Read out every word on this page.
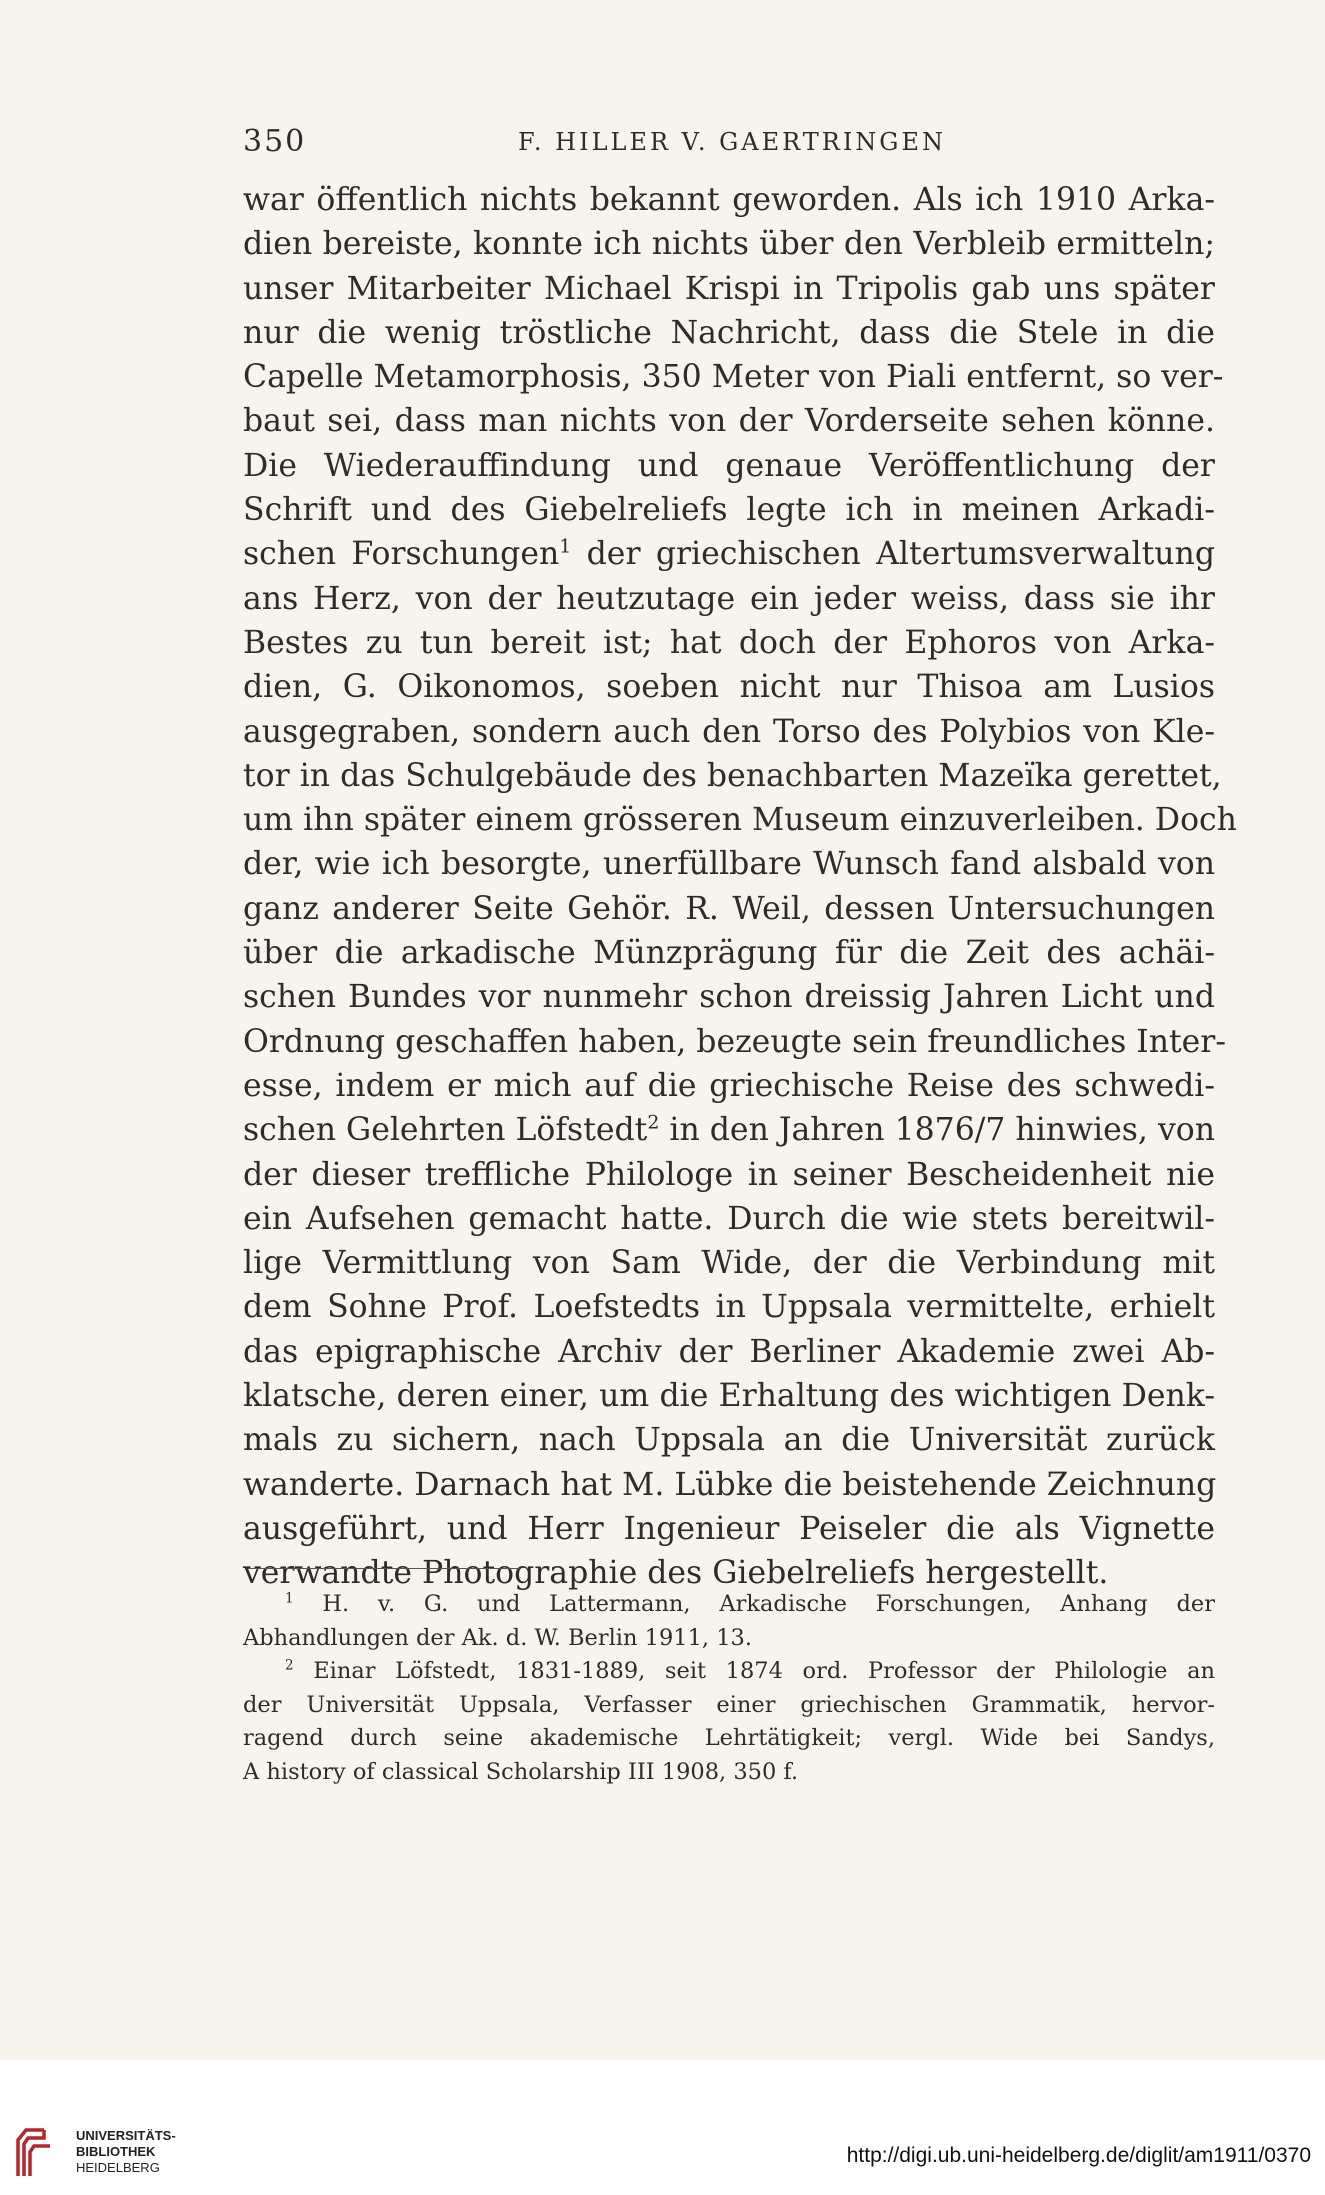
350	F. HILLER V. GAERTRINGEN
war öffentlich nichts bekannt geworden. Als ich 1910 Arka-
dien bereiste, konnte ich nichts über den Verbleib ermitteln;
unser Mitarbeiter Michael Krispi in Tripolis gab uns später
nur die wenig tröstliche Nachricht, dass die Stele in die
Capelle Metamorphosis, 350 Meter von Piali entfernt, so ver-
baut sei, dass man nichts von der Vorderseite sehen könne.
Die Wiederauffindung und genaue Veröffentlichung der
Schrift und des Giebelreliefs legte ich in meinen Arkadi-
schen Forschungen$^1$ der griechischen Altertumsverwaltung
ans Herz, von der heutzutage ein jeder weiss, dass sie ihr
Bestes zu tun bereit ist; hat doch der Ephoros von Arka-
dien, G. Oikonomos, soeben nicht nur Thisoa am Lusios
ausgegraben, sondern auch den Torso des Polybios von Kle-
tor in das Schulgebäude des benachbarten Mazeïka gerettet,
um ihn später einem grösseren Museum einzuverleiben. Doch
der, wie ich besorgte, unerfüllbare Wunsch fand alsbald von
ganz anderer Seite Gehör. R. Weil, dessen Untersuchungen
über die arkadische Münzprägung für die Zeit des achäi-
schen Bundes vor nunmehr schon dreissig Jahren Licht und
Ordnung geschaffen haben, bezeugte sein freundliches Inter-
esse, indem er mich auf die griechische Reise des schwedi-
schen Gelehrten Löfstedt$^2$ in den Jahren 1876/7 hinwies, von
der dieser treffliche Philologe in seiner Bescheidenheit nie
ein Aufsehen gemacht hatte. Durch die wie stets bereitwil-
lige Vermittlung von Sam Wide, der die Verbindung mit
dem Sohne Prof. Loefstedts in Uppsala vermittelte, erhielt
das epigraphische Archiv der Berliner Akademie zwei Ab-
klatsche, deren einer, um die Erhaltung des wichtigen Denk-
mals zu sichern, nach Uppsala an die Universität zurück
wanderte. Darnach hat M. Lübke die beistehende Zeichnung
ausgeführt, und Herr Ingenieur Peiseler die als Vignette
verwandte Photographie des Giebelreliefs hergestellt.
$^1$ H. v. G. und Lattermann, Arkadische Forschungen, Anhang der
Abhandlungen der Ak. d. W. Berlin 1911, 13.
$^2$ Einar Löfstedt, 1831-1889, seit 1874 ord. Professor der Philologie an
der Universität Uppsala, Verfasser einer griechischen Grammatik, hervor-
ragend durch seine akademische Lehrtätigkeit; vergl. Wide bei Sandys,
A history of classical Scholarship III 1908, 350 f.
UNIVERSITÄTS-
BIBLIOTHEK
HEIDELBERG
http://digi.ub.uni-heidelberg.de/diglit/am1911/0370
